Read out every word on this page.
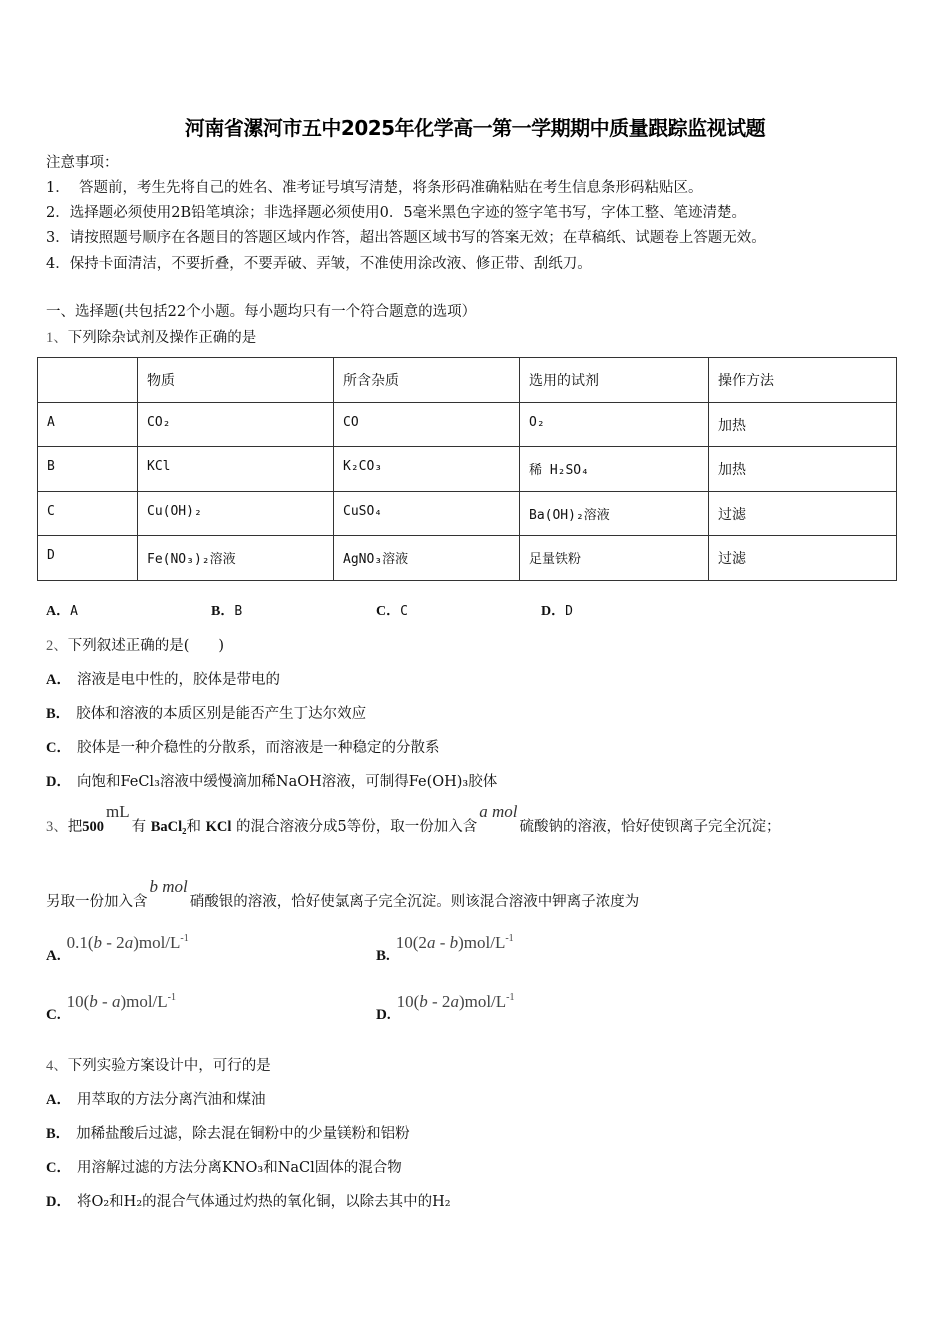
河南省漯河市五中2025年化学高一第一学期期中质量跟踪监视试题
注意事项：
1． 答题前，考生先将自己的姓名、准考证号填写清楚，将条形码准确粘贴在考生信息条形码粘贴区。
2．选择题必须使用2B铅笔填涂；非选择题必须使用0．5毫米黑色字迹的签字笔书写，字体工整、笔迹清楚。
3．请按照题号顺序在各题目的答题区域内作答，超出答题区域书写的答案无效；在草稿纸、试题卷上答题无效。
4．保持卡面清洁，不要折叠，不要弄破、弄皱，不准使用涂改液、修正带、刮纸刀。
一、选择题(共包括22个小题。每小题均只有一个符合题意的选项）
1、下列除杂试剂及操作正确的是
	物质	所含杂质	选用的试剂	操作方法
A	CO₂	CO	O₂	加热
B	KCl	K₂CO₃	稀 H₂SO₄	加热
C	Cu(OH)₂	CuSO₄	Ba(OH)₂溶液	过滤
D	Fe(NO₃)₂溶液	AgNO₃溶液	足量铁粉	过滤
A．A	B．B	C．C	D．D
2、下列叙述正确的是(　　)
A． 溶液是电中性的，胶体是带电的
B． 胶体和溶液的本质区别是能否产生丁达尔效应
C． 胶体是一种介稳性的分散系，而溶液是一种稳定的分散系
D． 向饱和FeCl₃溶液中缓慢滴加稀NaOH溶液，可制得Fe(OH)₃胶体
3、把500mL有 BaCl₂和 KCl 的混合溶液分成5等份，取一份加入含a mol硫酸钠的溶液，恰好使钡离子完全沉淀；
另取一份加入含b mol硝酸银的溶液，恰好使氯离子完全沉淀。则该混合溶液中钾离子浓度为
$A.0.1(b - 2a)mol/L^{-1}$
$B.10(2a - b)mol/L^{-1}$
$C.10(b - a)mol/L^{-1}$
$D.10(b - 2a)mol/L^{-1}$
4、下列实验方案设计中，可行的是
A． 用萃取的方法分离汽油和煤油
B． 加稀盐酸后过滤，除去混在铜粉中的少量镁粉和铝粉
C． 用溶解过滤的方法分离KNO₃和NaCl固体的混合物
D． 将O₂和H₂的混合气体通过灼热的氧化铜，以除去其中的H₂
